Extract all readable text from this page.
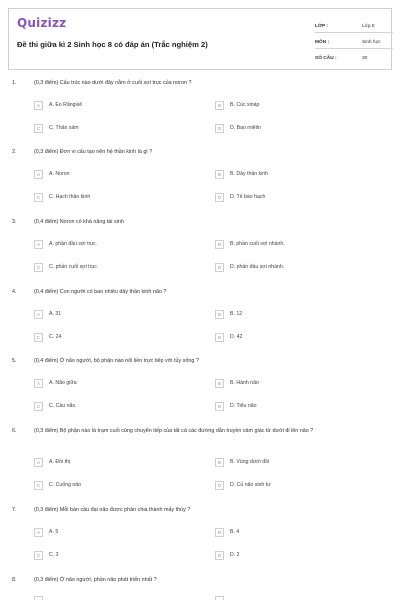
Quizizz
Đề thi giữa kì 2 Sinh học 8 có đáp án (Trắc nghiệm 2)
LỚP :	Lớp 8
MÔN :	Sinh học
SỐ CÂU :	30
1.	(0,3 điểm) Cấu trúc nào dưới đây nằm ở cuối sợi trục của noron ?
A	A. Eo Răngviê	B	B. Cúc xináp
C	C. Thân xám	D	D. Bao miêlin
2.	(0,3 điểm) Đơn vị cấu tạo nên hệ thần kinh là gì ?
A	A. Noron	B	B. Dây thần kinh
C	C. Hạch thần kinh	D	D. Tế bào hạch
3.	(0,4 điểm) Noron có khả năng tái sinh
A	A. phần đầu sợi trục.	B	B. phần cuối sợi nhánh.
C	C. phần cuối sợi trục.	D	D. phần đầu sợi nhánh.
4.	(0,4 điểm) Con người có bao nhiêu dây thần kinh não ?
A	A. 31	B	B. 12
C	C. 24	D	D. 42
5.	(0,4 điểm) Ở não người, bộ phận nào nối liền trực tiếp với tủy sống ?
A	A. Não giữa	B	B. Hành não
C	C. Cầu não	D	D. Tiểu não
6.	(0,3 điểm) Bộ phận nào là trạm cuối cùng chuyển tiếp của tất cả các đường dẫn truyền cảm giác từ dưới đi lên não ?
A	A. Đồi thị	B	B. Vùng dưới đồi
C	C. Cuống não	D	D. Củ não sinh tư
7.	(0,3 điểm) Mỗi bán cầu đại não được phân chia thành mấy thùy ?
A	A. 5	B	B. 4
C	C. 3	D	D. 2
8.	(0,3 điểm) Ở não người, phần não phát triển nhất ?
